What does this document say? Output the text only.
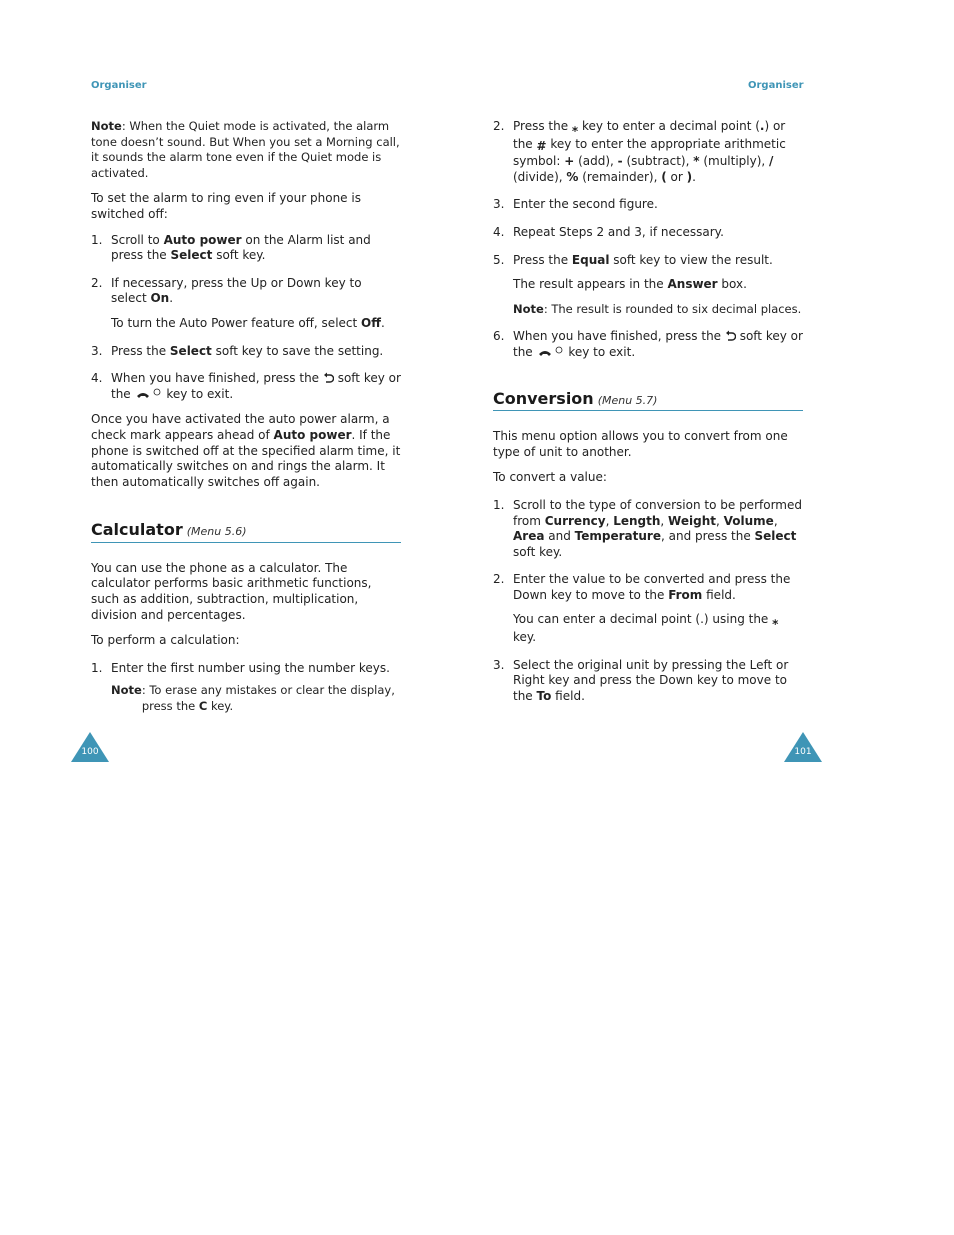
Organiser	Organiser

Note: When the Quiet mode is activated, the alarm tone doesn’t sound. But When you set a Morning call, it sounds the alarm tone even if the Quiet mode is activated.

To set the alarm to ring even if your phone is switched off:

1. Scroll to Auto power on the Alarm list and press the Select soft key.
2. If necessary, press the Up or Down key to select On.

To turn the Auto Power feature off, select Off.

3. Press the Select soft key to save the setting.
4. When you have finished, press the  soft key or the  key to exit.

Once you have activated the auto power alarm, a check mark appears ahead of Auto power. If the phone is switched off at the specified alarm time, it automatically switches on and rings the alarm. It then automatically switches off again.

Calculator (Menu 5.6)

You can use the phone as a calculator. The calculator performs basic arithmetic functions, such as addition, subtraction, multiplication, division and percentages.

To perform a calculation:

1. Enter the first number using the number keys.

Note : To erase any mistakes or clear the display, press the C key.
2. Press the ⁎ key to enter a decimal point (.) or the # key to enter the appropriate arithmetic symbol: + (add), - (subtract), * (multiply), / (divide), % (remainder), ( or ).
3. Enter the second figure.
4. Repeat Steps 2 and 3, if necessary.
5. Press the Equal soft key to view the result.

The result appears in the Answer box.

Note: The result is rounded to six decimal places.

6. When you have finished, press the  soft key or the  key to exit.
Conversion (Menu 5.7)

This menu option allows you to convert from one type of unit to another.

To convert a value:

1. Scroll to the type of conversion to be performed from Currency, Length, Weight, Volume, Area and Temperature, and press the Select soft key.
2. Enter the value to be converted and press the Down key to move to the From field.

You can enter a decimal point (.) using the ⁎ key.

3. Select the original unit by pressing the Left or Right key and press the Down key to move to the To field.
100	101
